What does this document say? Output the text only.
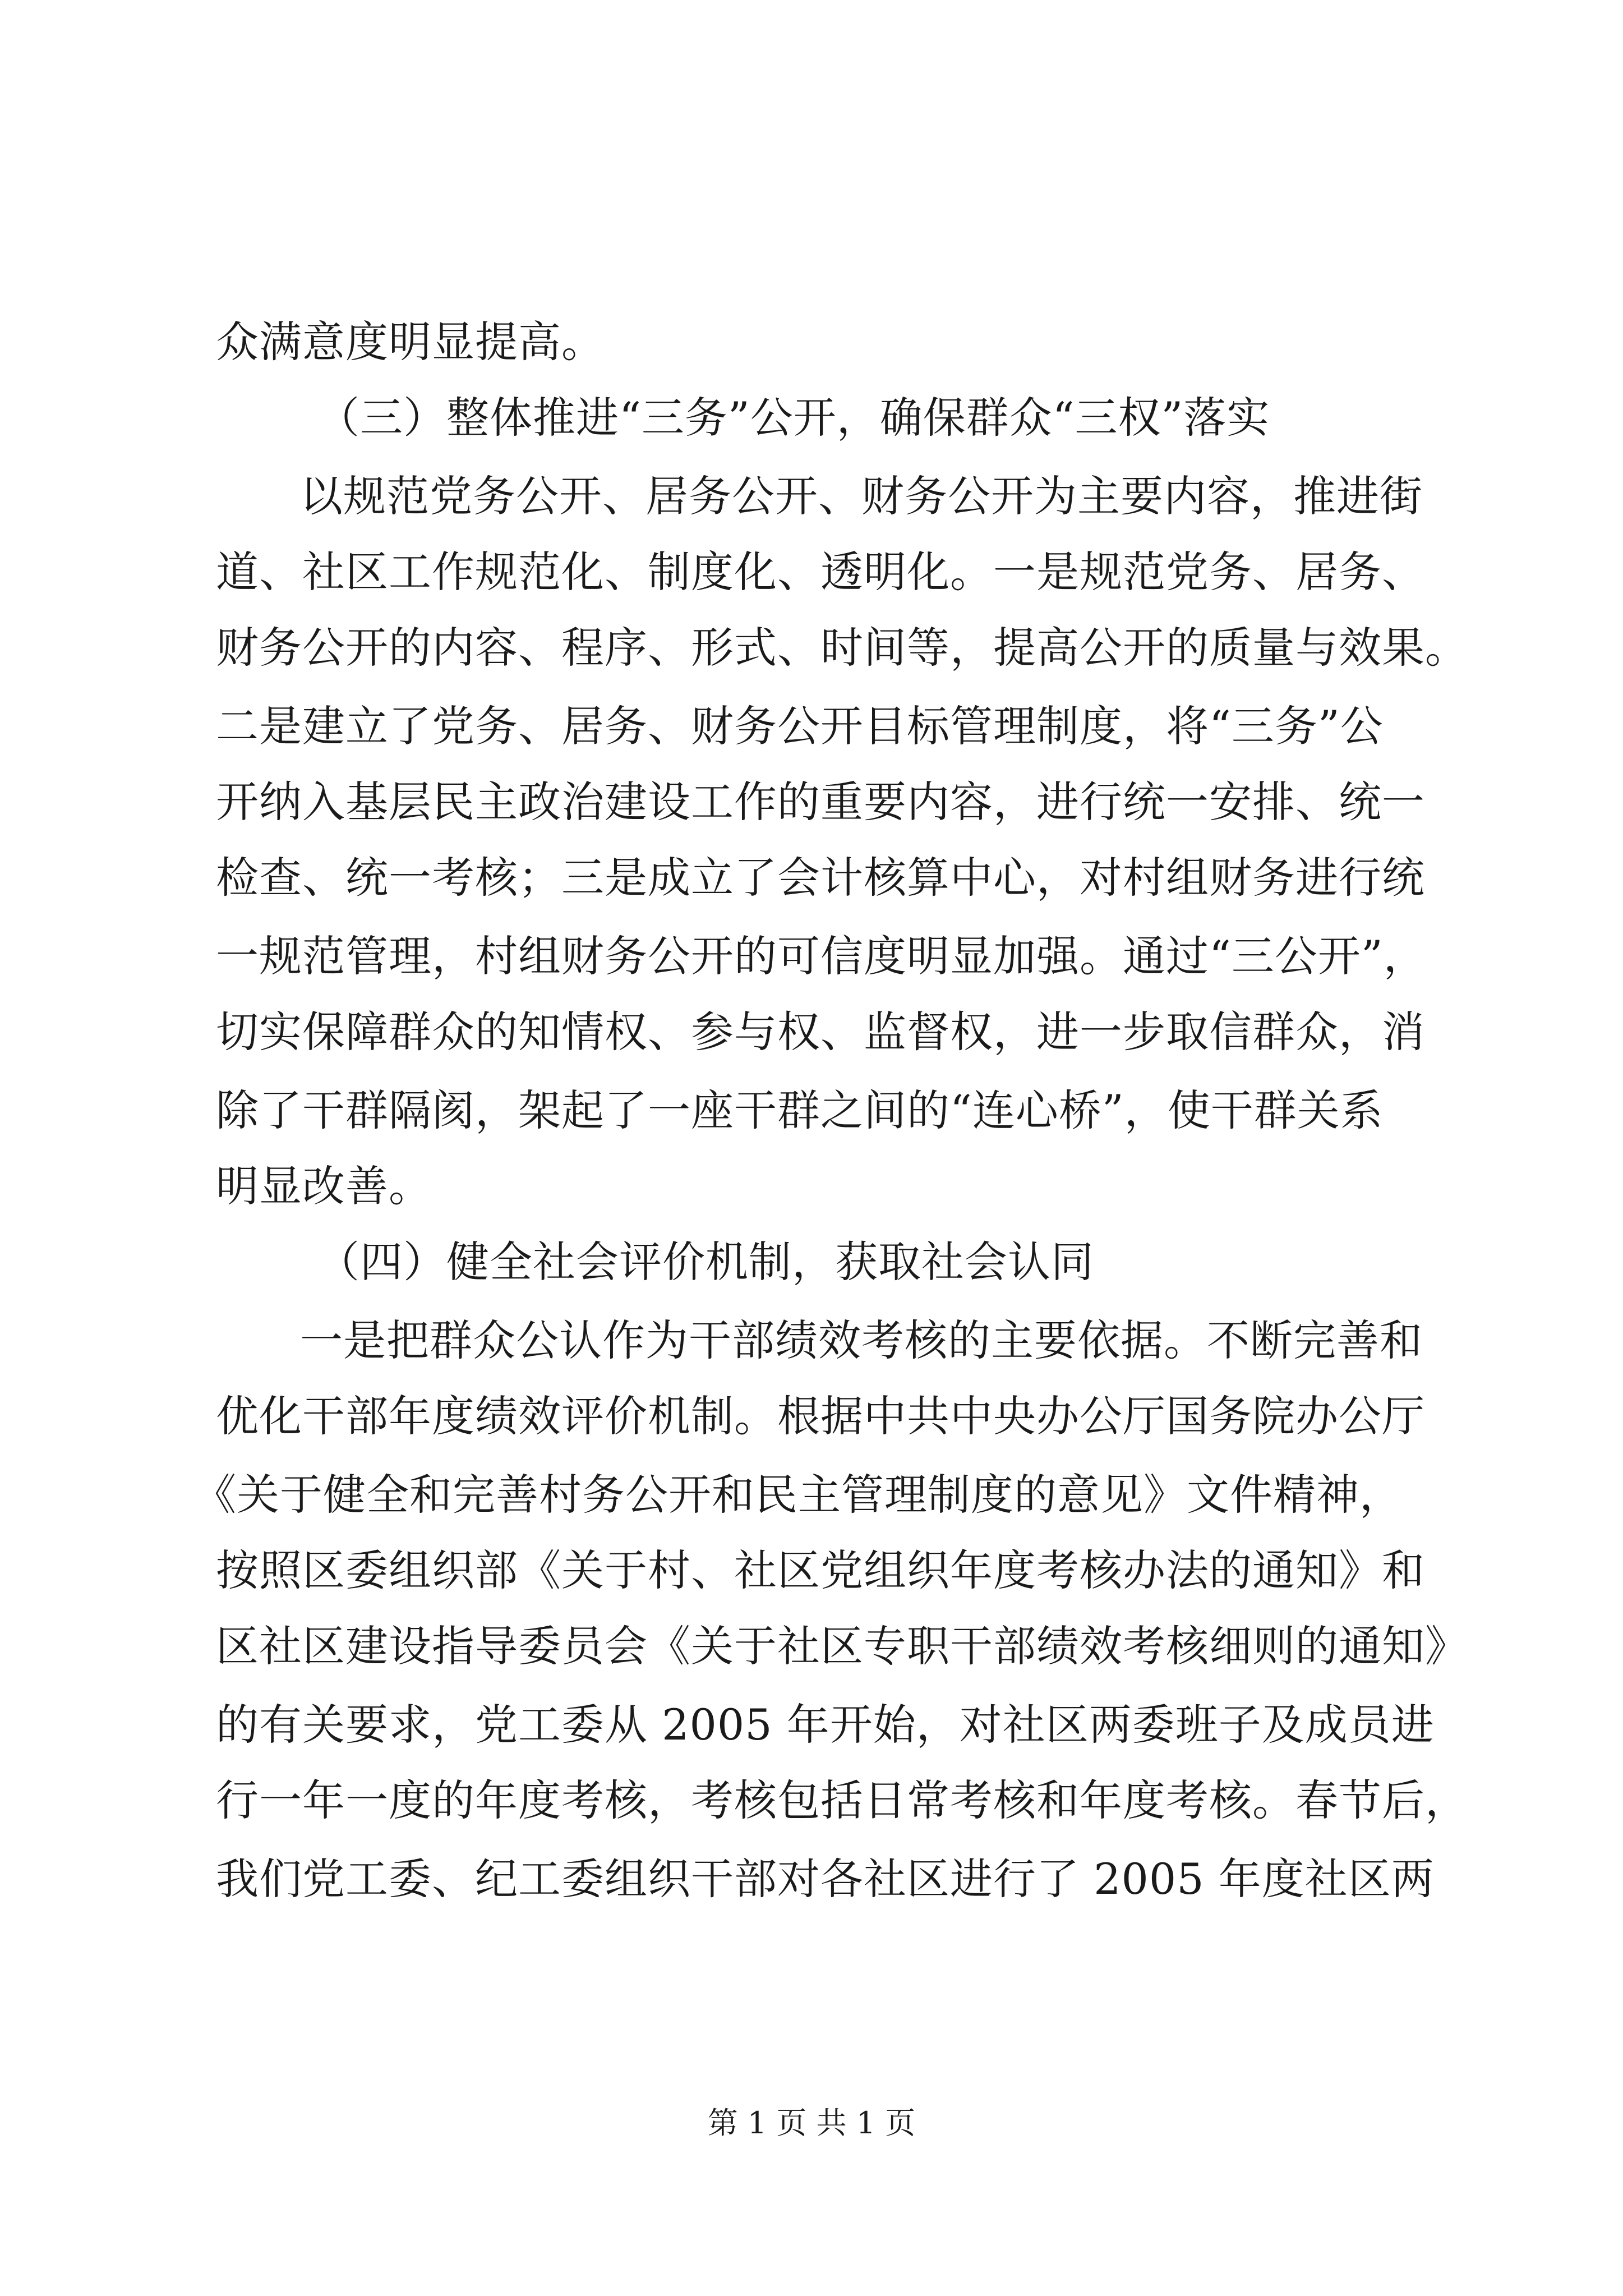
众满意度明显提高。
（三）整体推进“三务”公开，确保群众“三权”落实
以规范党务公开、居务公开、财务公开为主要内容，推进街
道、社区工作规范化、制度化、透明化。一是规范党务、居务、
财务公开的内容、程序、形式、时间等，提高公开的质量与效果。
二是建立了党务、居务、财务公开目标管理制度，将“三务”公
开纳入基层民主政治建设工作的重要内容，进行统一安排、统一
检查、统一考核；三是成立了会计核算中心，对村组财务进行统
一规范管理，村组财务公开的可信度明显加强。通过“三公开”，
切实保障群众的知情权、参与权、监督权，进一步取信群众，消
除了干群隔阂，架起了一座干群之间的“连心桥”，使干群关系
明显改善。
（四）健全社会评价机制，获取社会认同
一是把群众公认作为干部绩效考核的主要依据。不断完善和
优化干部年度绩效评价机制。根据中共中央办公厅国务院办公厅
《关于健全和完善村务公开和民主管理制度的意见》文件精神，
按照区委组织部《关于村、社区党组织年度考核办法的通知》和
区社区建设指导委员会《关于社区专职干部绩效考核细则的通知》
的有关要求，党工委从 2005 年开始，对社区两委班子及成员进
行一年一度的年度考核，考核包括日常考核和年度考核。春节后，
我们党工委、纪工委组织干部对各社区进行了 2005 年度社区两
第 1 页 共 1 页
